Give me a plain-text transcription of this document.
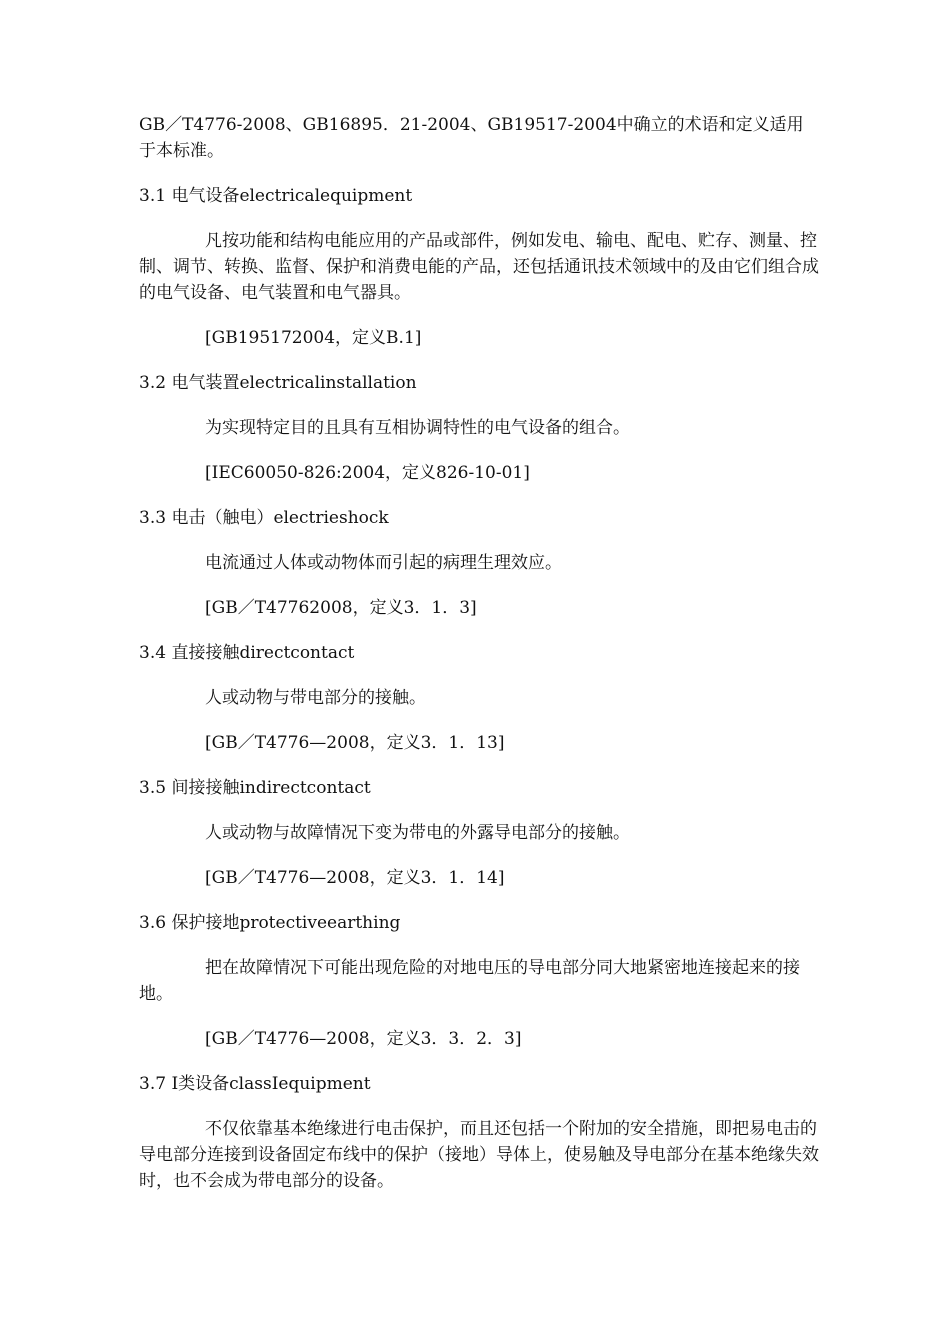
GB／T4776-2008、GB16895．21-2004、GB19517-2004中确立的术语和定义适用于本标准。

3.1 电气设备electricalequipment

凡按功能和结构电能应用的产品或部件，例如发电、输电、配电、贮存、测量、控制、调节、转换、监督、保护和消费电能的产品，还包括通讯技术领域中的及由它们组合成的电气设备、电气装置和电气器具。

[GB195172004，定义B.1]

3.2 电气装置electricalinstallation

为实现特定目的且具有互相协调特性的电气设备的组合。

[IEC60050-826:2004，定义826-10-01]

3.3 电击（触电）electrieshock

电流通过人体或动物体而引起的病理生理效应。

[GB／T47762008，定义3．1．3]

3.4 直接接触directcontact

人或动物与带电部分的接触。

[GB／T4776—2008，定义3．1．13]

3.5 间接接触indirectcontact

人或动物与故障情况下变为带电的外露导电部分的接触。

[GB／T4776—2008，定义3．1．14]

3.6 保护接地protectiveearthing

把在故障情况下可能出现危险的对地电压的导电部分同大地紧密地连接起来的接地。

[GB／T4776—2008，定义3．3．2．3]

3.7 I类设备classIequipment

不仅依靠基本绝缘进行电击保护，而且还包括一个附加的安全措施，即把易电击的导电部分连接到设备固定布线中的保护（接地）导体上，使易触及导电部分在基本绝缘失效时，也不会成为带电部分的设备。
